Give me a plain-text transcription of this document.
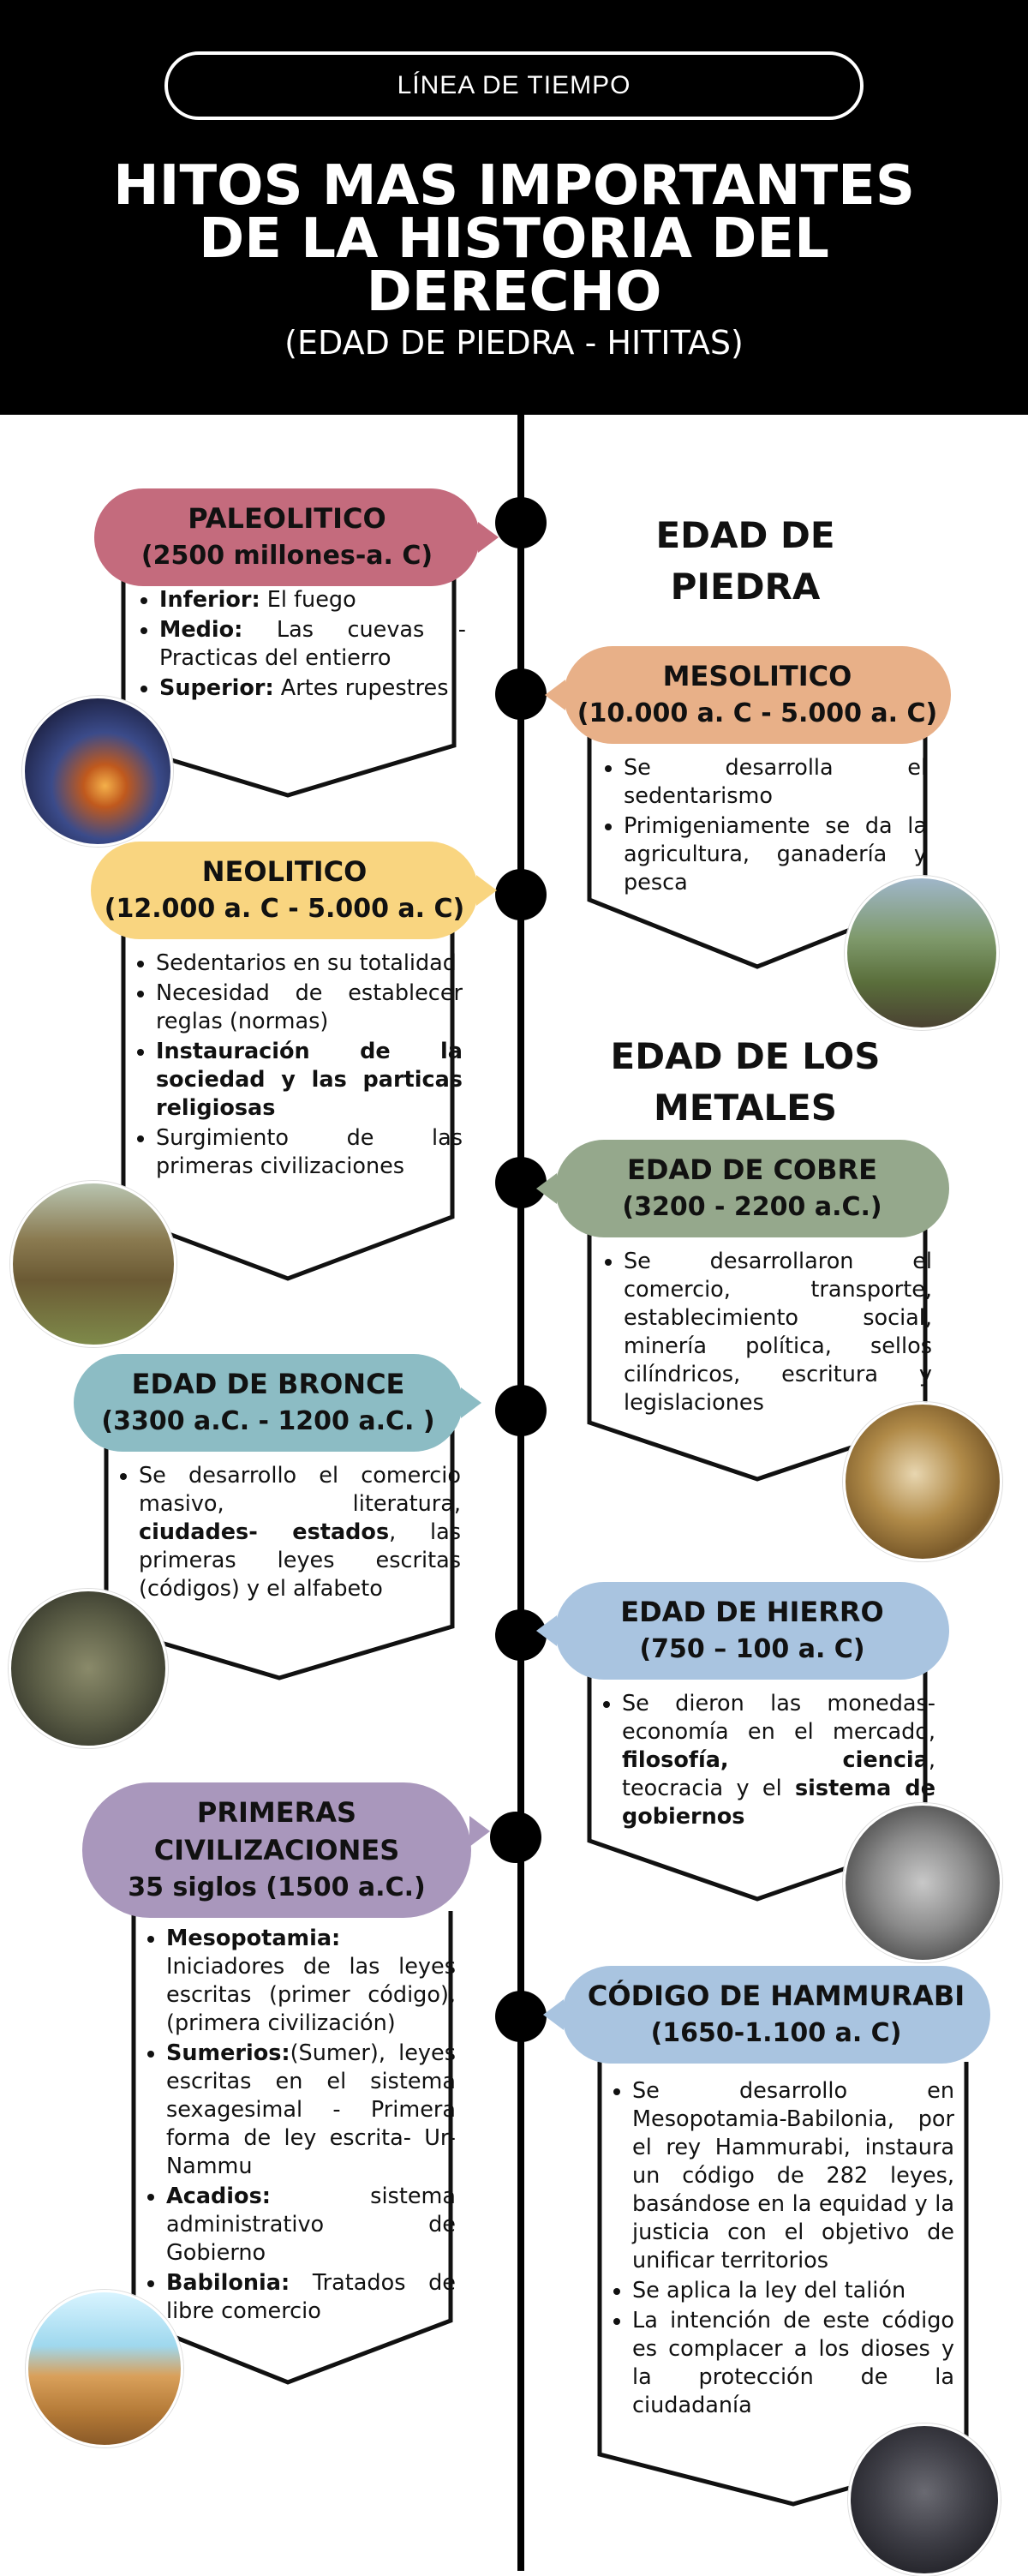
LÍNEA DE TIEMPO
HITOS MAS IMPORTANTES
DE LA HISTORIA DEL
DERECHO
(EDAD DE PIEDRA - HITITAS)
EDAD DE
PIEDRA
EDAD DE LOS
METALES
PALEOLITICO
(2500 millones-a. C)
• Inferior: El fuego
• Medio: Las cuevas - Practicas del entierro
• Superior: Artes rupestres	MESOLITICO
(10.000 a. C - 5.000 a. C)
• Se desarrolla el sedentarismo
• Primigeniamente se da la agricultura, ganadería y pesca
NEOLITICO
(12.000 a. C - 5.000 a. C)
• Sedentarios en su totalidad
• Necesidad de establecer reglas (normas)
• Instauración de la sociedad y las particas religiosas
• Surgimiento de las primeras civilizaciones	EDAD DE COBRE
(3200 - 2200 a.C.)
• Se desarrollaron el comercio, transporte, establecimiento social, minería política, sellos cilíndricos, escritura y legislaciones
EDAD DE BRONCE
(3300 a.C. - 1200 a.C. )
• Se desarrollo el comercio masivo, literatura, ciudades- estados, las primeras leyes escritas (códigos) y el alfabeto
EDAD DE HIERRO
(750 – 100 a. C)
• Se dieron las monedas- economía en el mercado, filosofía, ciencia, teocracia y el sistema de gobiernos
PRIMERAS
CIVILIZACIONES
35 siglos (1500 a.C.)
• Mesopotamia: Iniciadores de las leyes escritas (primer código), (primera civilización)
• Sumerios:(Sumer), leyes escritas en el sistema sexagesimal - Primera forma de ley escrita- Ur-Nammu
• Acadios: sistema administrativo de Gobierno
• Babilonia: Tratados de libre comercio
CÓDIGO DE HAMMURABI
(1650-1.100 a. C)
• Se desarrollo en Mesopotamia-Babilonia, por el rey Hammurabi, instaura un código de 282 leyes, basándose en la equidad y la justicia con el objetivo de unificar territorios
• Se aplica la ley del talión
• La intención de este código es complacer a los dioses y la protección de la ciudadanía
